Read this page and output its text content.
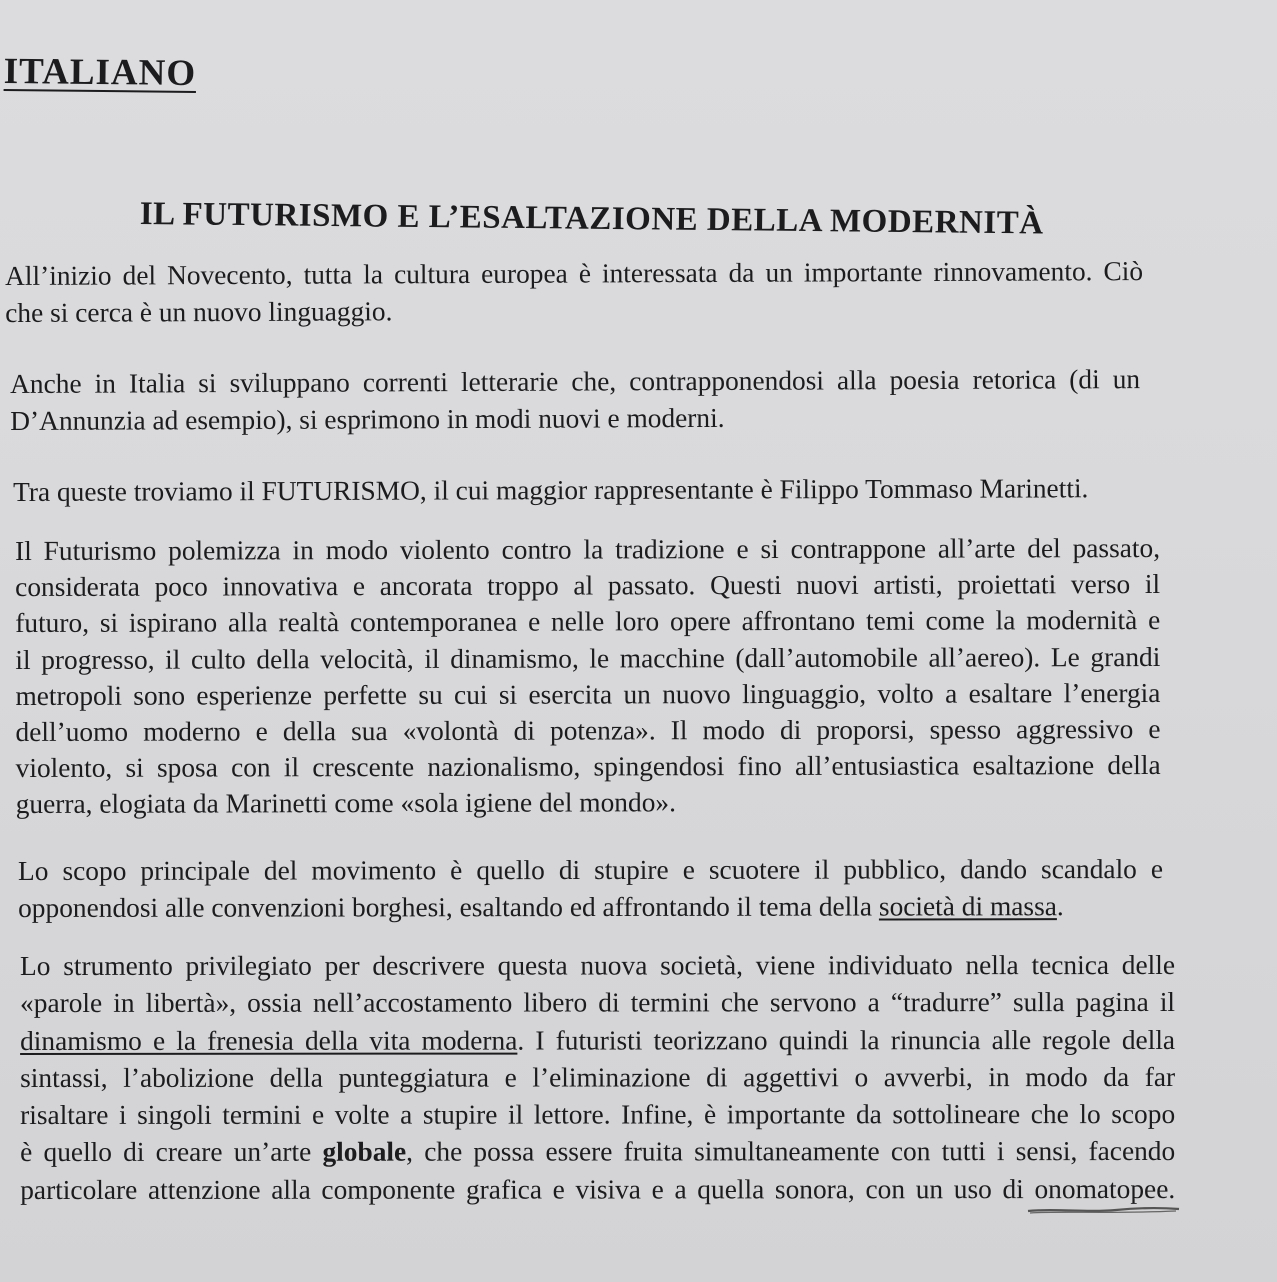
ITALIANO
IL FUTURISMO E L’ESALTAZIONE DELLA MODERNITÀ

All’inizio del Novecento, tutta la cultura europea è interessata da un importante rinnovamento. Ciò
che si cerca è un nuovo linguaggio.

Anche in Italia si sviluppano correnti letterarie che, contrapponendosi alla poesia retorica (di un
D’Annunzia ad esempio), si esprimono in modi nuovi e moderni.

Tra queste troviamo il FUTURISMO, il cui maggior rappresentante è Filippo Tommaso Marinetti.

Il Futurismo polemizza in modo violento contro la tradizione e si contrappone all’arte del passato,
considerata poco innovativa e ancorata troppo al passato. Questi nuovi artisti, proiettati verso il
futuro, si ispirano alla realtà contemporanea e nelle loro opere affrontano temi come la modernità e
il progresso, il culto della velocità, il dinamismo, le macchine (dall’automobile all’aereo). Le grandi
metropoli sono esperienze perfette su cui si esercita un nuovo linguaggio, volto a esaltare l’energia
dell’uomo moderno e della sua «volontà di potenza». Il modo di proporsi, spesso aggressivo e
violento, si sposa con il crescente nazionalismo, spingendosi fino all’entusiastica esaltazione della
guerra, elogiata da Marinetti come «sola igiene del mondo».

Lo scopo principale del movimento è quello di stupire e scuotere il pubblico, dando scandalo e
opponendosi alle convenzioni borghesi, esaltando ed affrontando il tema della società di massa.

Lo strumento privilegiato per descrivere questa nuova società, viene individuato nella tecnica delle
«parole in libertà», ossia nell’accostamento libero di termini che servono a “tradurre” sulla pagina il
dinamismo e la frenesia della vita moderna. I futuristi teorizzano quindi la rinuncia alle regole della
sintassi, l’abolizione della punteggiatura e l’eliminazione di aggettivi o avverbi, in modo da far
risaltare i singoli termini e volte a stupire il lettore. Infine, è importante da sottolineare che lo scopo
è quello di creare un’arte globale, che possa essere fruita simultaneamente con tutti i sensi, facendo
particolare attenzione alla componente grafica e visiva e a quella sonora, con un uso di onomatopee.
